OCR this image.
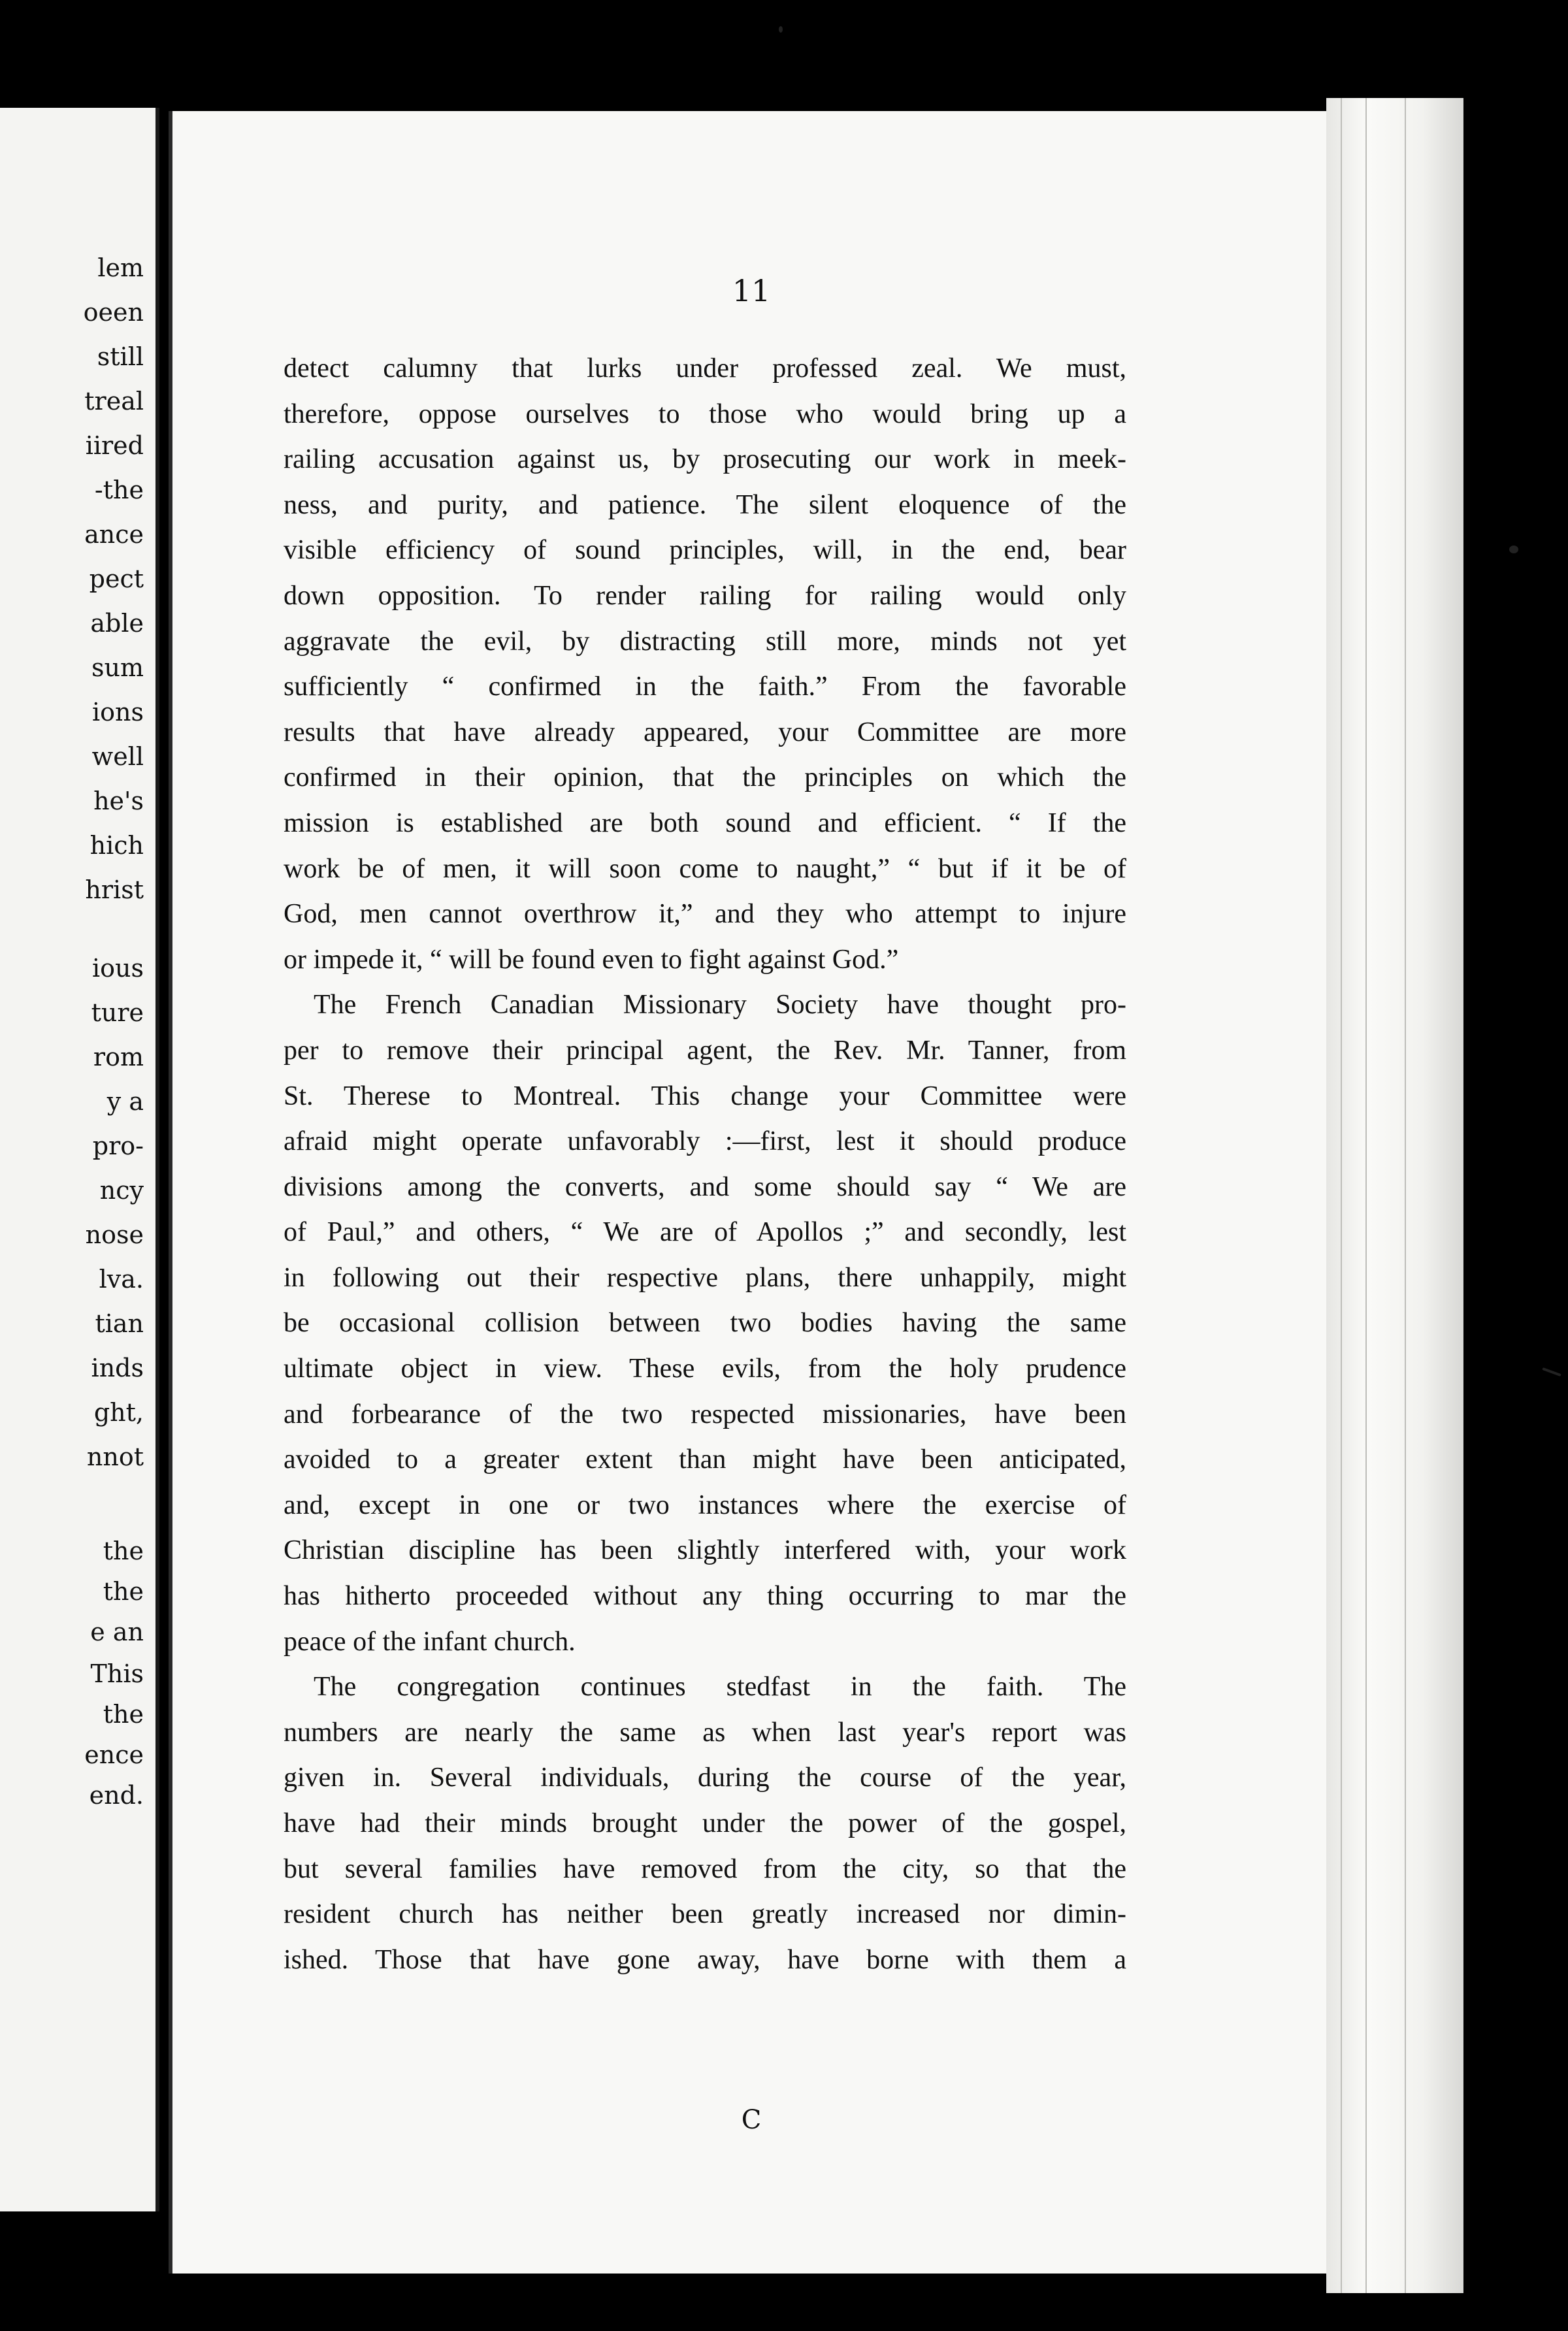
lem
oeen
still
treal
iired
-the
ance
pect
able
sum
ions
well
he's
hich
hrist
ious
ture
rom
y a
pro-
ncy
nose
lva.
tian
inds
ght,
nnot
the
the
e an
This
the
ence
end.
11
detect calumny that lurks under professed zeal. We must,
therefore, oppose ourselves to those who would bring up a
railing accusation against us, by prosecuting our work in meek-
ness, and purity, and patience. The silent eloquence of the
visible efficiency of sound principles, will, in the end, bear
down opposition. To render railing for railing would only
aggravate the evil, by distracting still more, minds not yet
sufficiently “ confirmed in the faith.” From the favorable
results that have already appeared, your Committee are more
confirmed in their opinion, that the principles on which the
mission is established are both sound and efficient. “ If the
work be of men, it will soon come to naught,” “ but if it be of
God, men cannot overthrow it,” and they who attempt to injure
or impede it, “ will be found even to fight against God.”
The French Canadian Missionary Society have thought pro-
per to remove their principal agent, the Rev. Mr. Tanner, from
St. Therese to Montreal. This change your Committee were
afraid might operate unfavorably :—first, lest it should produce
divisions among the converts, and some should say “ We are
of Paul,” and others, “ We are of Apollos ;” and secondly, lest
in following out their respective plans, there unhappily, might
be occasional collision between two bodies having the same
ultimate object in view. These evils, from the holy prudence
and forbearance of the two respected missionaries, have been
avoided to a greater extent than might have been anticipated,
and, except in one or two instances where the exercise of
Christian discipline has been slightly interfered with, your work
has hitherto proceeded without any thing occurring to mar the
peace of the infant church.
The congregation continues stedfast in the faith. The
numbers are nearly the same as when last year's report was
given in. Several individuals, during the course of the year,
have had their minds brought under the power of the gospel,
but several families have removed from the city, so that the
resident church has neither been greatly increased nor dimin-
ished. Those that have gone away, have borne with them a
C
